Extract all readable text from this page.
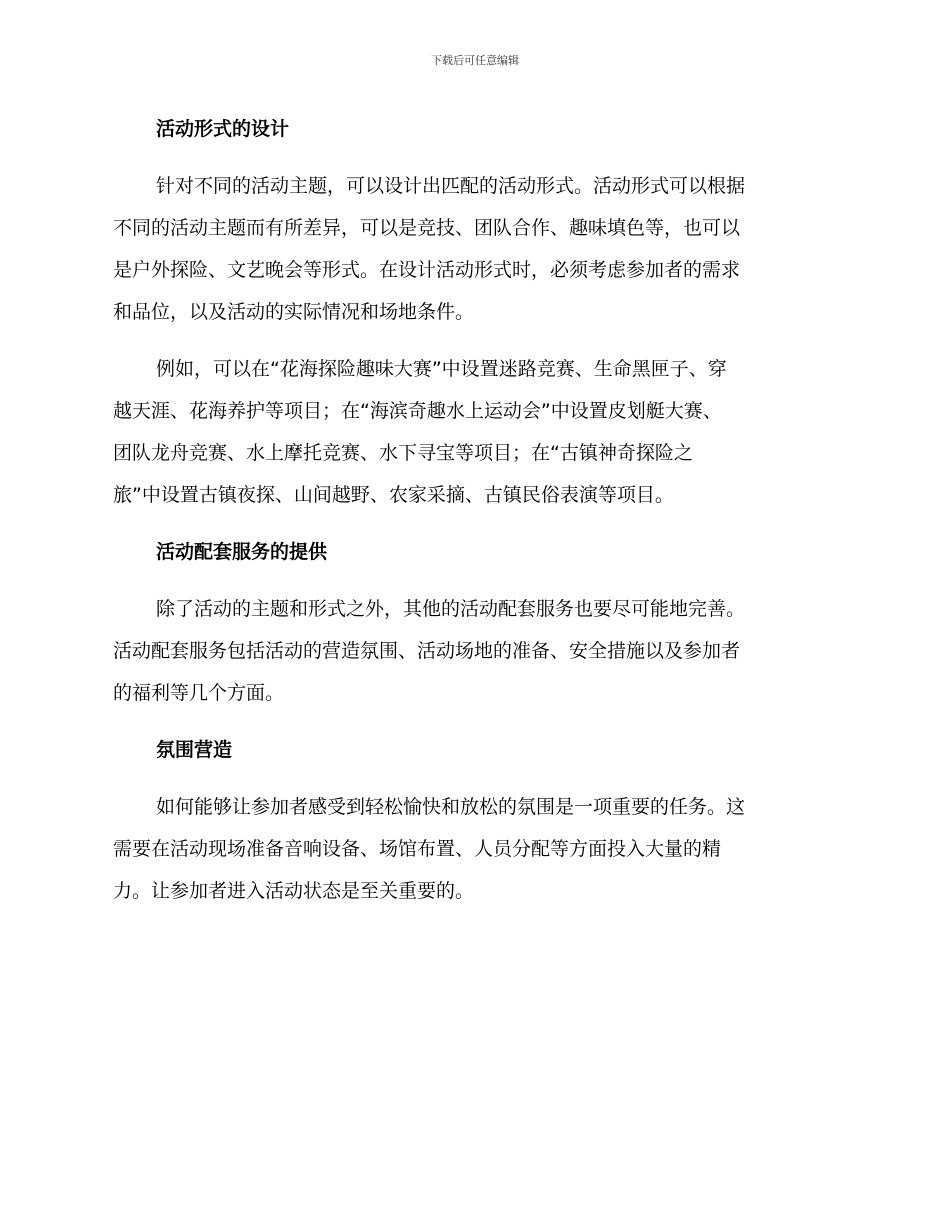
下载后可任意编辑
活动形式的设计
针对不同的活动主题，可以设计出匹配的活动形式。活动形式可以根据
不同的活动主题而有所差异，可以是竞技、团队合作、趣味填色等，也可以
是户外探险、文艺晚会等形式。在设计活动形式时，必须考虑参加者的需求
和品位，以及活动的实际情况和场地条件。
例如，可以在“花海探险趣味大赛”中设置迷路竞赛、生命黑匣子、穿
越天涯、花海养护等项目；在“海滨奇趣水上运动会”中设置皮划艇大赛、
团队龙舟竞赛、水上摩托竞赛、水下寻宝等项目；在“古镇神奇探险之
旅”中设置古镇夜探、山间越野、农家采摘、古镇民俗表演等项目。
活动配套服务的提供
除了活动的主题和形式之外，其他的活动配套服务也要尽可能地完善。
活动配套服务包括活动的营造氛围、活动场地的准备、安全措施以及参加者
的福利等几个方面。
氛围营造
如何能够让参加者感受到轻松愉快和放松的氛围是一项重要的任务。这
需要在活动现场准备音响设备、场馆布置、人员分配等方面投入大量的精
力。让参加者进入活动状态是至关重要的。
